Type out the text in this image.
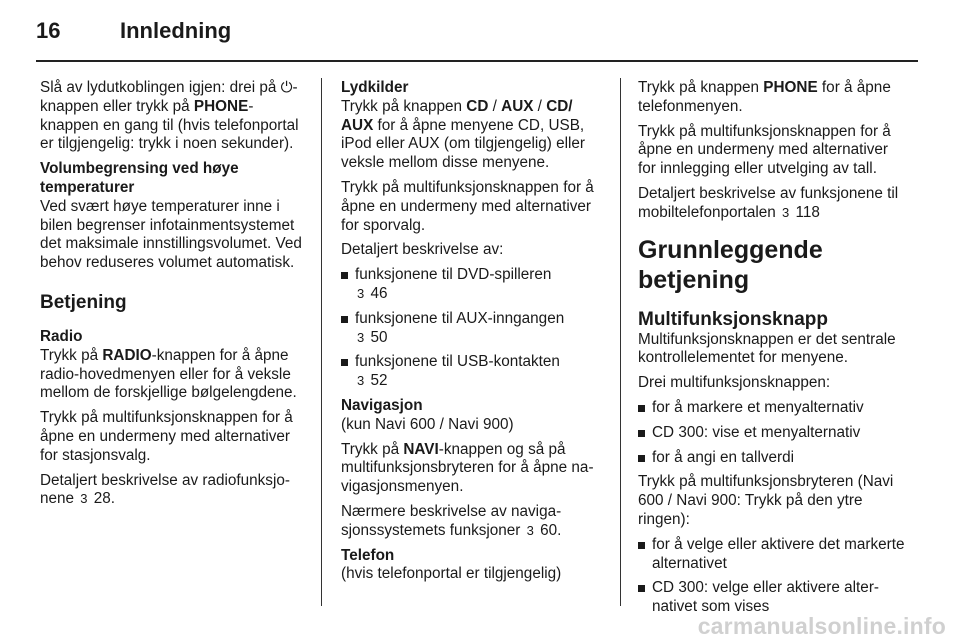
16	Innledning

Slå av lydutkoblingen igjen: drei på ⏻-knappen eller trykk på PHONE-knappen en gang til (hvis telefonportal er tilgjengelig: trykk i noen sekunder).

Volumbegrensing ved høye temperaturer

Ved svært høye temperaturer inne i bilen begrenser infotainmentsystemet det maksimale innstillingsvolumet. Ved behov reduseres volumet automatisk.

Betjening

Radio

Trykk på RADIO-knappen for å åpne radio-hovedmenyen eller for å veksle mellom de forskjellige bølgelengdene.

Trykk på multifunksjonsknappen for å åpne en undermeny med alternativer for stasjonsvalg.

Detaljert beskrivelse av radiofunksjonene 3 28.

Lydkilder

Trykk på knappen CD / AUX / CD/ AUX for å åpne menyene CD, USB, iPod eller AUX (om tilgjengelig) eller veksle mellom disse menyene.

Trykk på multifunksjonsknappen for å åpne en undermeny med alternativer for sporvalg.

Detaljert beskrivelse av:

funksjonene til DVD-spilleren
3 46
funksjonene til AUX-inngangen
3 50
funksjonene til USB-kontakten
3 52

Navigasjon

(kun Navi 600 / Navi 900)

Trykk på NAVI-knappen og så på multifunksjonsbryteren for å åpne navigasjonsmenyen.

Nærmere beskrivelse av navigasjonssystemets funksjoner 3 60.

Telefon

(hvis telefonportal er tilgjengelig)

Trykk på knappen PHONE for å åpne telefonmenyen.

Trykk på multifunksjonsknappen for å åpne en undermeny med alternativer for innlegging eller utvelging av tall.

Detaljert beskrivelse av funksjonene til mobiltelefonportalen 3 118

Grunnleggende betjening

Multifunksjonsknapp

Multifunksjonsknappen er det sentrale kontrollelementet for menyene.

Drei multifunksjonsknappen:

for å markere et menyalternativ
CD 300: vise et menyalternativ
for å angi en tallverdi

Trykk på multifunksjonsbryteren (Navi 600 / Navi 900: Trykk på den ytre ringen):

for å velge eller aktivere det markerte alternativet
CD 300: velge eller aktivere alternativet som vises
carmanualsonline.info
